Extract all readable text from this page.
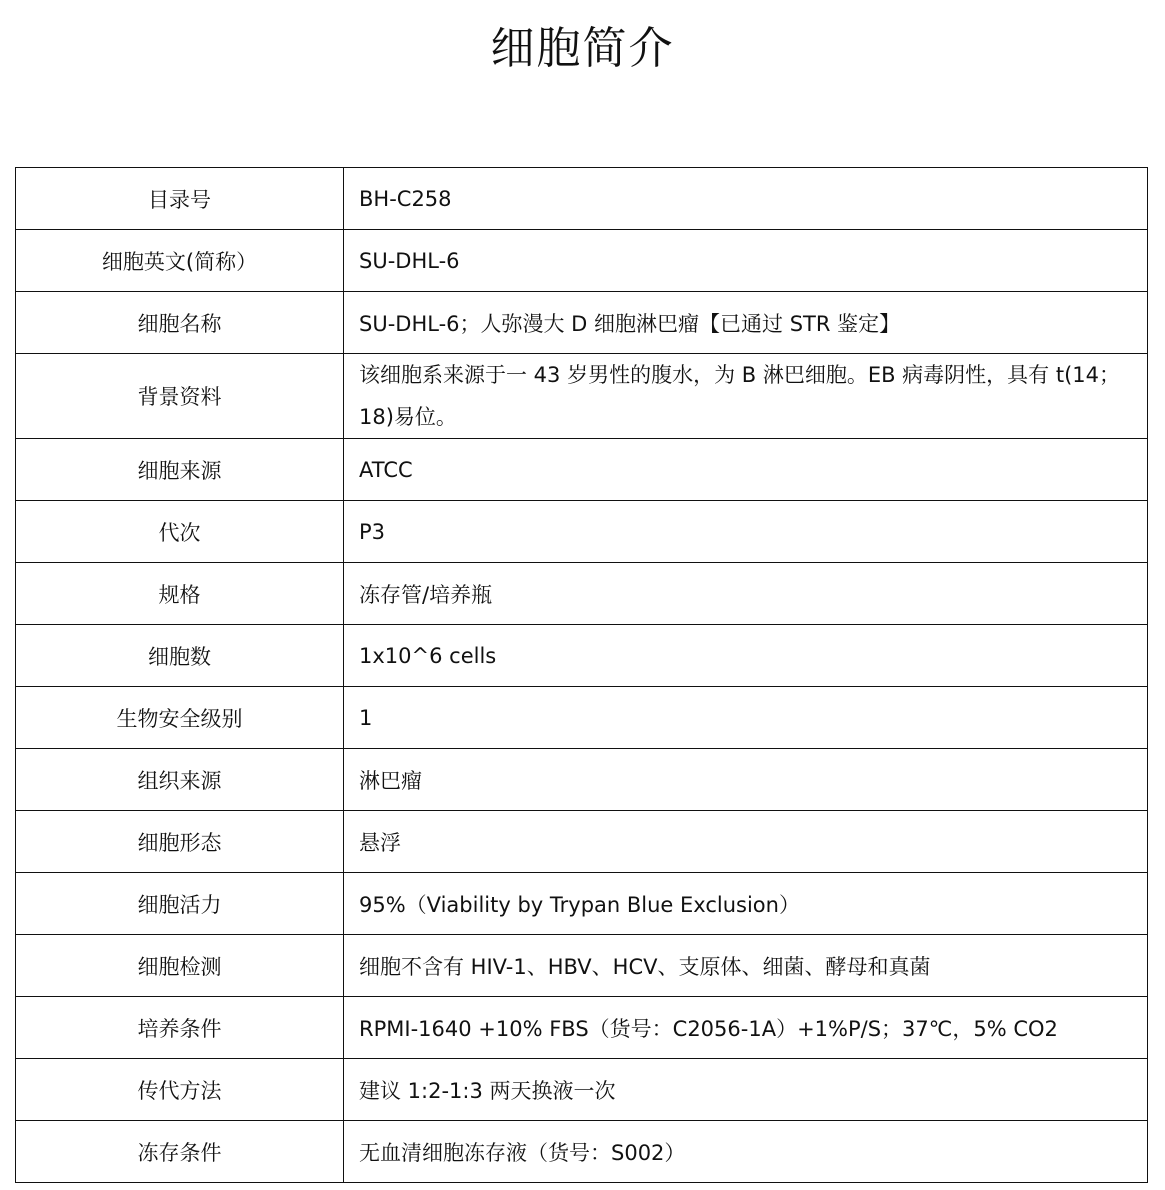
细胞简介
目录号	BH-C258
细胞英文(简称）	SU-DHL-6
细胞名称	SU-DHL-6；人弥漫大 D 细胞淋巴瘤【已通过 STR 鉴定】
背景资料	该细胞系来源于一 43 岁男性的腹水，为 B 淋巴细胞。EB 病毒阴性，具有 t(14；18)易位。
细胞来源	ATCC
代次	P3
规格	冻存管/培养瓶
细胞数	1x10^6 cells
生物安全级别	1
组织来源	淋巴瘤
细胞形态	悬浮
细胞活力	95%（Viability by Trypan Blue Exclusion）
细胞检测	细胞不含有 HIV-1、HBV、HCV、支原体、细菌、酵母和真菌
培养条件	RPMI-1640 +10% FBS（货号：C2056-1A）+1%P/S；37℃，5% CO2
传代方法	建议 1:2-1:3 两天换液一次
冻存条件	无血清细胞冻存液（货号：S002）
